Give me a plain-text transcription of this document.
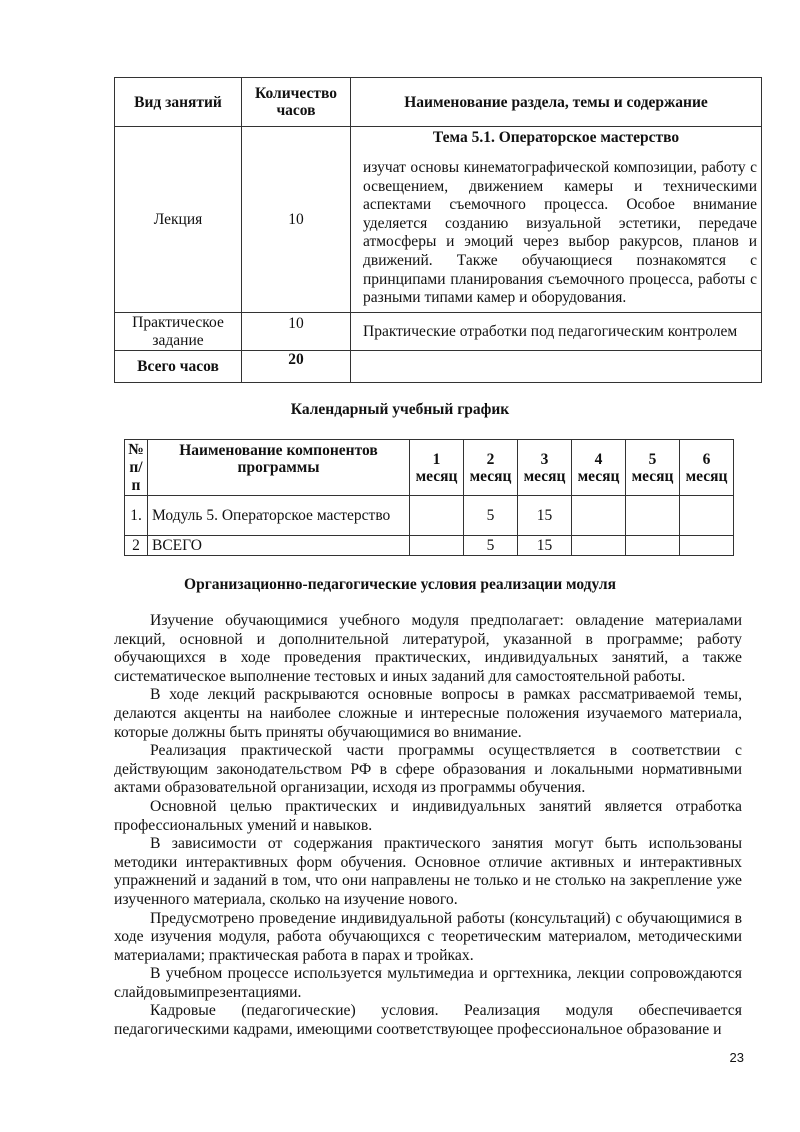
Вид занятий	Количество часов	Наименование раздела, темы и содержание
Лекция	10	Тема 5.1. Операторское мастерство
изучат основы кинематографической композиции, работу с освещением, движением камеры и техническими аспектами съемочного процесса. Особое внимание уделяется созданию визуальной эстетики, передаче атмосферы и эмоций через выбор ракурсов, планов и движений. Также обучающиеся познакомятся с принципами планирования съемочного процесса, работы с разными типами камер и оборудования.

Практическое задание	10	Практические отработки под педагогическим контролем
Всего часов	20	
Календарный учебный график
№ п/ п	Наименование компонентов программы	1 месяц	2 месяц	3 месяц	4 месяц	5 месяц	6 месяц
1.	Модуль 5. Операторское мастерство		5	15			
2	ВСЕГО		5	15			
Организационно-педагогические условия реализации модуля

Изучение обучающимися учебного модуля предполагает: овладение материалами лекций, основной и дополнительной литературой, указанной в программе; работу обучающихся в ходе проведения практических, индивидуальных занятий, а также систематическое выполнение тестовых и иных заданий для самостоятельной работы.

В ходе лекций раскрываются основные вопросы в рамках рассматриваемой темы, делаются акценты на наиболее сложные и интересные положения изучаемого материала, которые должны быть приняты обучающимися во внимание.

Реализация практической части программы осуществляется в соответствии с действующим законодательством РФ в сфере образования и локальными нормативными актами образовательной организации, исходя из программы обучения.

Основной целью практических и индивидуальных занятий является отработка профессиональных умений и навыков.

В зависимости от содержания практического занятия могут быть использованы методики интерактивных форм обучения. Основное отличие активных и интерактивных упражнений и заданий в том, что они направлены не только и не столько на закрепление уже изученного материала, сколько на изучение нового.

Предусмотрено проведение индивидуальной работы (консультаций) с обучающимися в ходе изучения модуля, работа обучающихся с теоретическим материалом, методическими материалами; практическая работа в парах и тройках.

В учебном процессе используется мультимедиа и оргтехника, лекции сопровождаются слайдовымипрезентациями.

Кадровые (педагогические) условия. Реализация модуля обеспечивается педагогическими кадрами, имеющими соответствующее профессиональное образование и

23
